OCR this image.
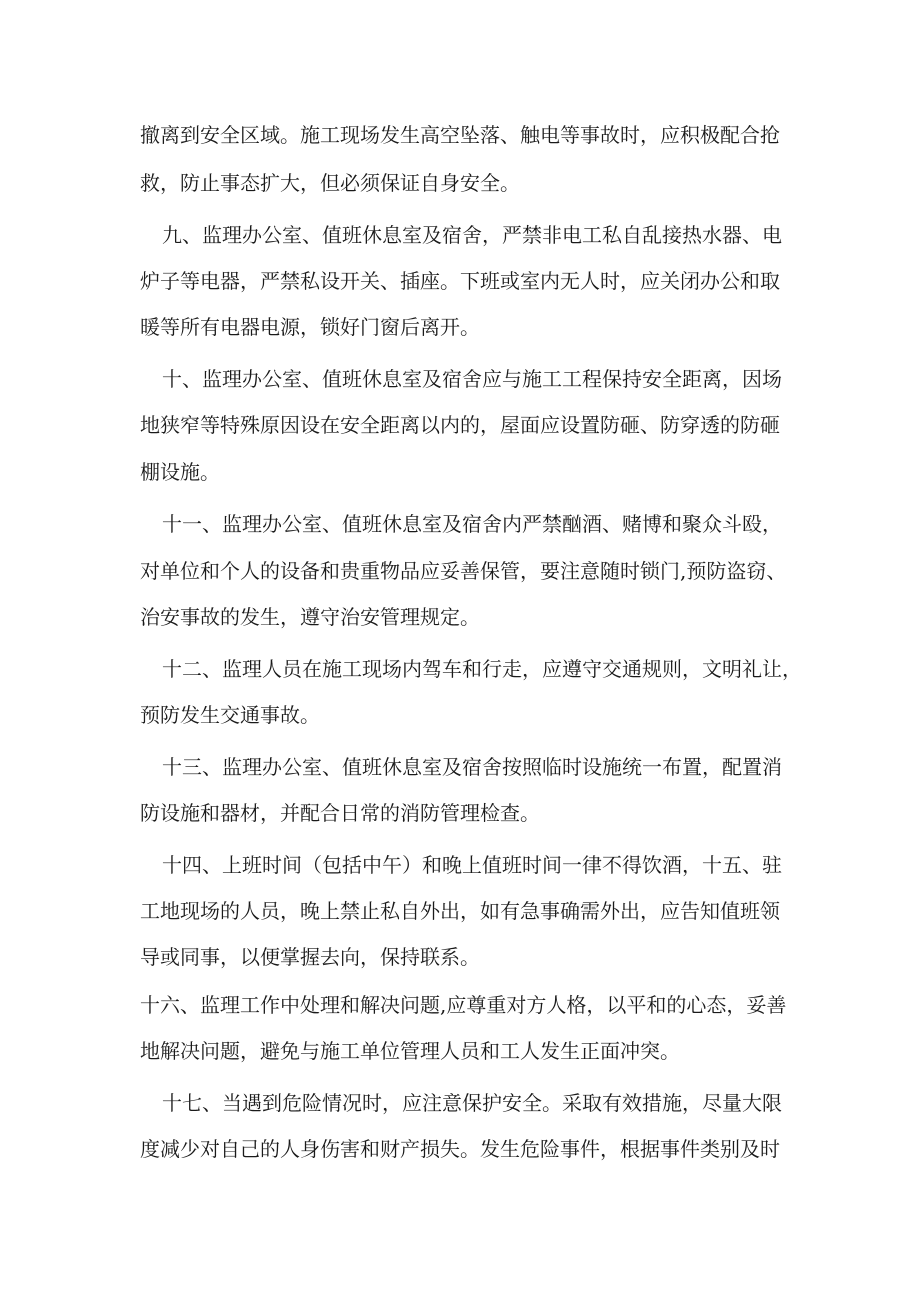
撤离到安全区域。施工现场发生高空坠落、触电等事故时，应积极配合抢
救，防止事态扩大，但必须保证自身安全。
九、监理办公室、值班休息室及宿舍，严禁非电工私自乱接热水器、电
炉子等电器，严禁私设开关、插座。下班或室内无人时，应关闭办公和取
暖等所有电器电源，锁好门窗后离开。
十、监理办公室、值班休息室及宿舍应与施工工程保持安全距离，因场
地狭窄等特殊原因设在安全距离以内的，屋面应设置防砸、防穿透的防砸
棚设施。
十一、监理办公室、值班休息室及宿舍内严禁酗酒、赌博和聚众斗殴，
对单位和个人的设备和贵重物品应妥善保管，要注意随时锁门,预防盗窃、
治安事故的发生，遵守治安管理规定。
十二、监理人员在施工现场内驾车和行走，应遵守交通规则，文明礼让，
预防发生交通事故。
十三、监理办公室、值班休息室及宿舍按照临时设施统一布置，配置消
防设施和器材，并配合日常的消防管理检查。
十四、上班时间（包括中午）和晚上值班时间一律不得饮酒，十五、驻
工地现场的人员，晚上禁止私自外出，如有急事确需外出，应告知值班领
导或同事，以便掌握去向，保持联系。
十六、监理工作中处理和解决问题,应尊重对方人格，以平和的心态，妥善
地解决问题，避免与施工单位管理人员和工人发生正面冲突。
十七、当遇到危险情况时，应注意保护安全。采取有效措施，尽量大限
度减少对自己的人身伤害和财产损失。发生危险事件，根据事件类别及时
